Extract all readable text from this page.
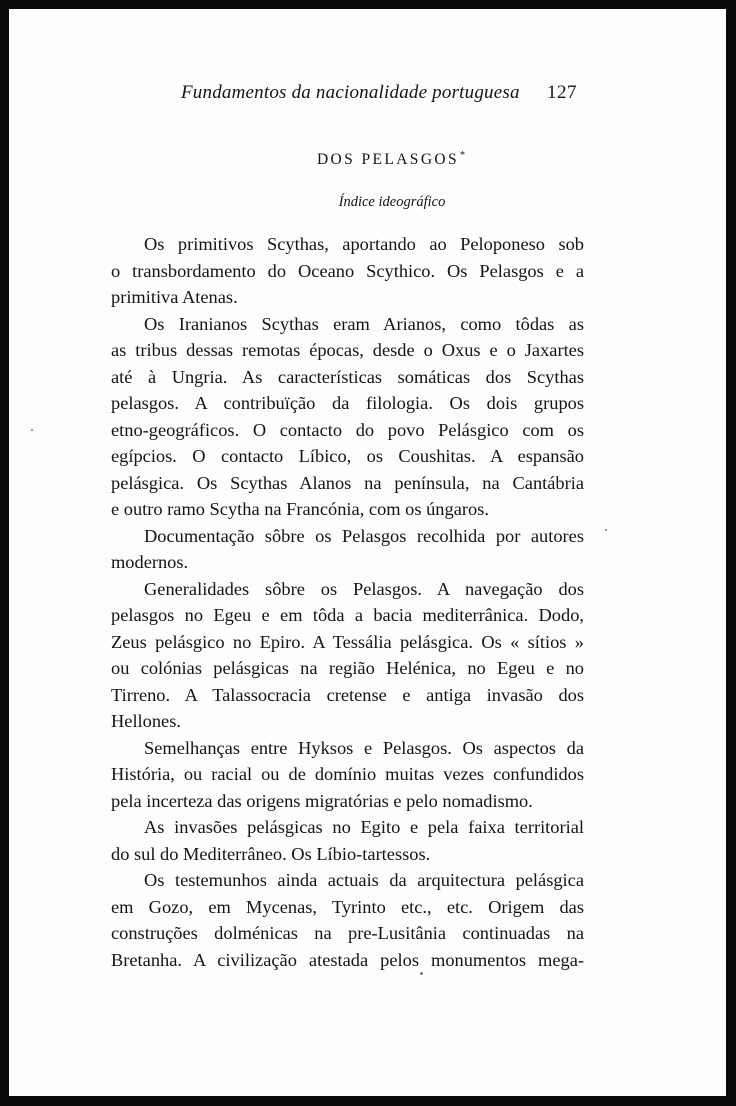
Fundamentos da nacionalidade portuguesa 127
DOS PELASGOS*
Índice ideográfico

Os primitivos Scythas, aportando ao Peloponeso sob
o transbordamento do Oceano Scythico. Os Pelasgos e a
primitiva Atenas.

Os Iranianos Scythas eram Arianos, como tôdas as
as tribus dessas remotas épocas, desde o Oxus e o Jaxartes
até à Ungria. As características somáticas dos Scythas
pelasgos. A contribuïção da filologia. Os dois grupos
etno-geográficos. O contacto do povo Pelásgico com os
egípcios. O contacto Líbico, os Coushitas. A espansão
pelásgica. Os Scythas Alanos na península, na Cantábria
e outro ramo Scytha na Francónia, com os úngaros.

Documentação sôbre os Pelasgos recolhida por autores
modernos.

Generalidades sôbre os Pelasgos. A navegação dos
pelasgos no Egeu e em tôda a bacia mediterrânica. Dodo,
Zeus pelásgico no Epiro. A Tessália pelásgica. Os « sítios »
ou colónias pelásgicas na região Helénica, no Egeu e no
Tirreno. A Talassocracia cretense e antiga invasão dos
Hellones.

Semelhanças entre Hyksos e Pelasgos. Os aspectos da
História, ou racial ou de domínio muitas vezes confundidos
pela incerteza das origens migratórias e pelo nomadismo.

As invasões pelásgicas no Egito e pela faixa territorial
do sul do Mediterrâneo. Os Líbio-tartessos.

Os testemunhos ainda actuais da arquitectura pelásgica
em Gozo, em Mycenas, Tyrinto etc., etc. Origem das
construções dolménicas na pre-Lusitânia continuadas na
Bretanha. A civilização atestada pelos monumentos mega-
